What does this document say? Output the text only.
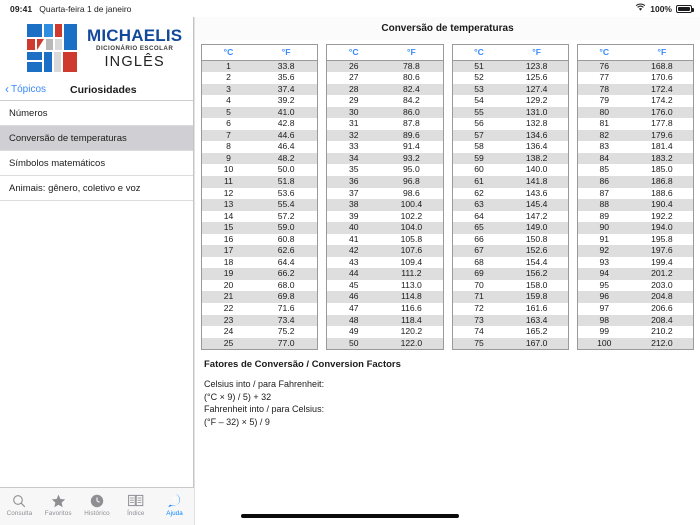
09:41 Quarta-feira 1 de janeiro	100%
MICHAELIS
DICIONÁRIO ESCOLAR
INGLÊS
‹ Tópicos	Curiosidades
Números
Conversão de temperaturas
Símbolos matemáticos
Animais: gênero, coletivo e voz
Conversão de temperaturas
°C	°F
1	33.8
2	35.6
3	37.4
4	39.2
5	41.0
6	42.8
7	44.6
8	46.4
9	48.2
10	50.0
11	51.8
12	53.6
13	55.4
14	57.2
15	59.0
16	60.8
17	62.6
18	64.4
19	66.2
20	68.0
21	69.8
22	71.6
23	73.4
24	75.2
25	77.0
°C	°F
26	78.8
27	80.6
28	82.4
29	84.2
30	86.0
31	87.8
32	89.6
33	91.4
34	93.2
35	95.0
36	96.8
37	98.6
38	100.4
39	102.2
40	104.0
41	105.8
42	107.6
43	109.4
44	111.2
45	113.0
46	114.8
47	116.6
48	118.4
49	120.2
50	122.0
°C	°F
51	123.8
52	125.6
53	127.4
54	129.2
55	131.0
56	132.8
57	134.6
58	136.4
59	138.2
60	140.0
61	141.8
62	143.6
63	145.4
64	147.2
65	149.0
66	150.8
67	152.6
68	154.4
69	156.2
70	158.0
71	159.8
72	161.6
73	163.4
74	165.2
75	167.0
°C	°F
76	168.8
77	170.6
78	172.4
79	174.2
80	176.0
81	177.8
82	179.6
83	181.4
84	183.2
85	185.0
86	186.8
87	188.6
88	190.4
89	192.2
90	194.0
91	195.8
92	197.6
93	199.4
94	201.2
95	203.0
96	204.8
97	206.6
98	208.4
99	210.2
100	212.0
Fatores de Conversão / Conversion Factors
Celsius into / para Fahrenheit:
(°C × 9) / 5) + 32
Fahrenheit into / para Celsius:
(°F – 32) × 5) / 9
Consulta Favoritos Histórico	Índice
?
Ajuda
